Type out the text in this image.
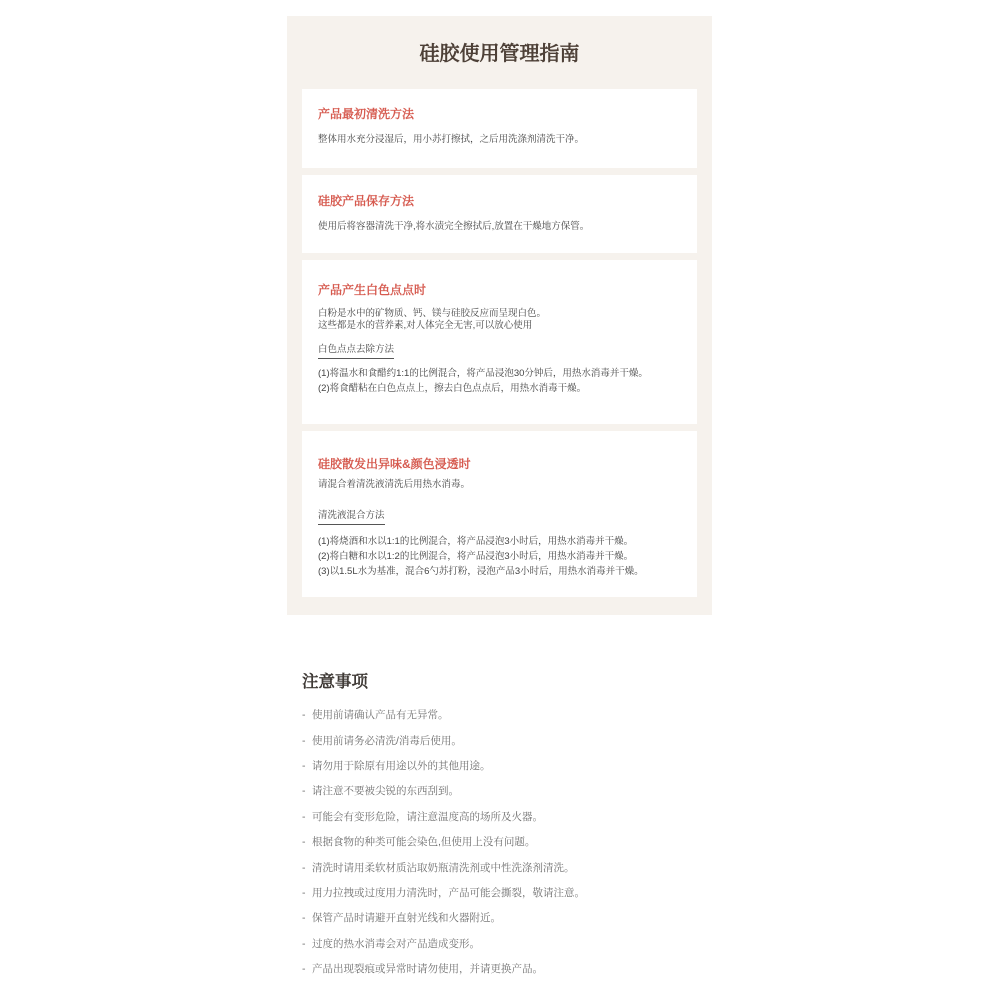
硅胶使用管理指南
产品最初清洗方法

整体用水充分浸湿后，用小苏打擦拭，之后用洗涤剂清洗干净。

硅胶产品保存方法

使用后将容器清洗干净,将水渍完全擦拭后,放置在干燥地方保管。

产品产生白色点点时

白粉是水中的矿物质、钙、镁与硅胶反应而呈现白色。
这些都是水的营养素,对人体完全无害,可以放心使用

白色点点去除方法
(1)将温水和食醋约1:1的比例混合，将产品浸泡30分钟后，用热水消毒并干燥。
(2)将食醋粘在白色点点上，擦去白色点点后，用热水消毒干燥。
硅胶散发出异味&颜色浸透时

请混合着清洗液清洗后用热水消毒。

清洗液混合方法
(1)将烧酒和水以1:1的比例混合，将产品浸泡3小时后，用热水消毒并干燥。
(2)将白糖和水以1:2的比例混合，将产品浸泡3小时后，用热水消毒并干燥。
(3)以1.5L水为基准，混合6勺苏打粉，浸泡产品3小时后，用热水消毒并干燥。
注意事项
- 使用前请确认产品有无异常。
- 使用前请务必清洗/消毒后使用。
- 请勿用于除原有用途以外的其他用途。
- 请注意不要被尖锐的东西刮到。
- 可能会有变形危险，请注意温度高的场所及火器。
- 根据食物的种类可能会染色,但使用上没有问题。
- 清洗时请用柔软材质沾取奶瓶清洗剂或中性洗涤剂清洗。
- 用力拉拽或过度用力清洗时，产品可能会撕裂，敬请注意。
- 保管产品时请避开直射光线和火器附近。
- 过度的热水消毒会对产品造成变形。
- 产品出现裂痕或异常时请勿使用，并请更换产品。
